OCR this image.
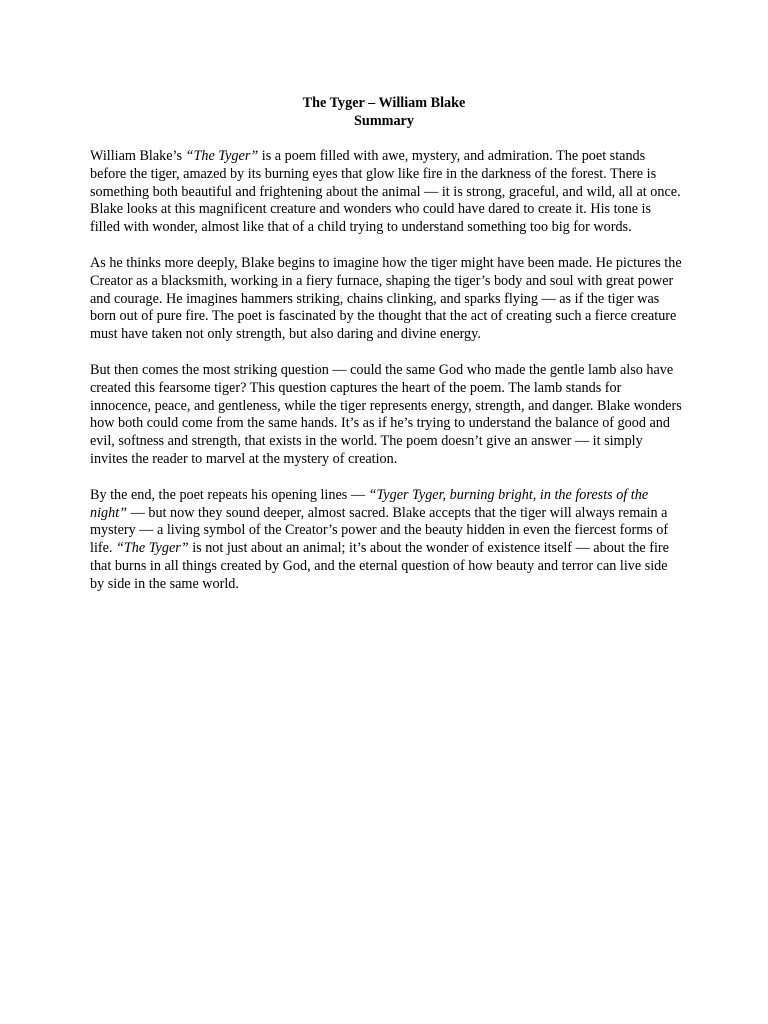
The Tyger – William Blake
Summary

William Blake’s “The Tyger” is a poem filled with awe, mystery, and admiration. The poet stands before the tiger, amazed by its burning eyes that glow like fire in the darkness of the forest. There is something both beautiful and frightening about the animal — it is strong, graceful, and wild, all at once. Blake looks at this magnificent creature and wonders who could have dared to create it. His tone is filled with wonder, almost like that of a child trying to understand something too big for words.

As he thinks more deeply, Blake begins to imagine how the tiger might have been made. He pictures the Creator as a blacksmith, working in a fiery furnace, shaping the tiger’s body and soul with great power and courage. He imagines hammers striking, chains clinking, and sparks flying — as if the tiger was born out of pure fire. The poet is fascinated by the thought that the act of creating such a fierce creature must have taken not only strength, but also daring and divine energy.

But then comes the most striking question — could the same God who made the gentle lamb also have created this fearsome tiger? This question captures the heart of the poem. The lamb stands for innocence, peace, and gentleness, while the tiger represents energy, strength, and danger. Blake wonders how both could come from the same hands. It’s as if he’s trying to understand the balance of good and evil, softness and strength, that exists in the world. The poem doesn’t give an answer — it simply invites the reader to marvel at the mystery of creation.

By the end, the poet repeats his opening lines — “Tyger Tyger, burning bright, in the forests of the night” — but now they sound deeper, almost sacred. Blake accepts that the tiger will always remain a mystery — a living symbol of the Creator’s power and the beauty hidden in even the fiercest forms of life. “The Tyger” is not just about an animal; it’s about the wonder of existence itself — about the fire that burns in all things created by God, and the eternal question of how beauty and terror can live side by side in the same world.
